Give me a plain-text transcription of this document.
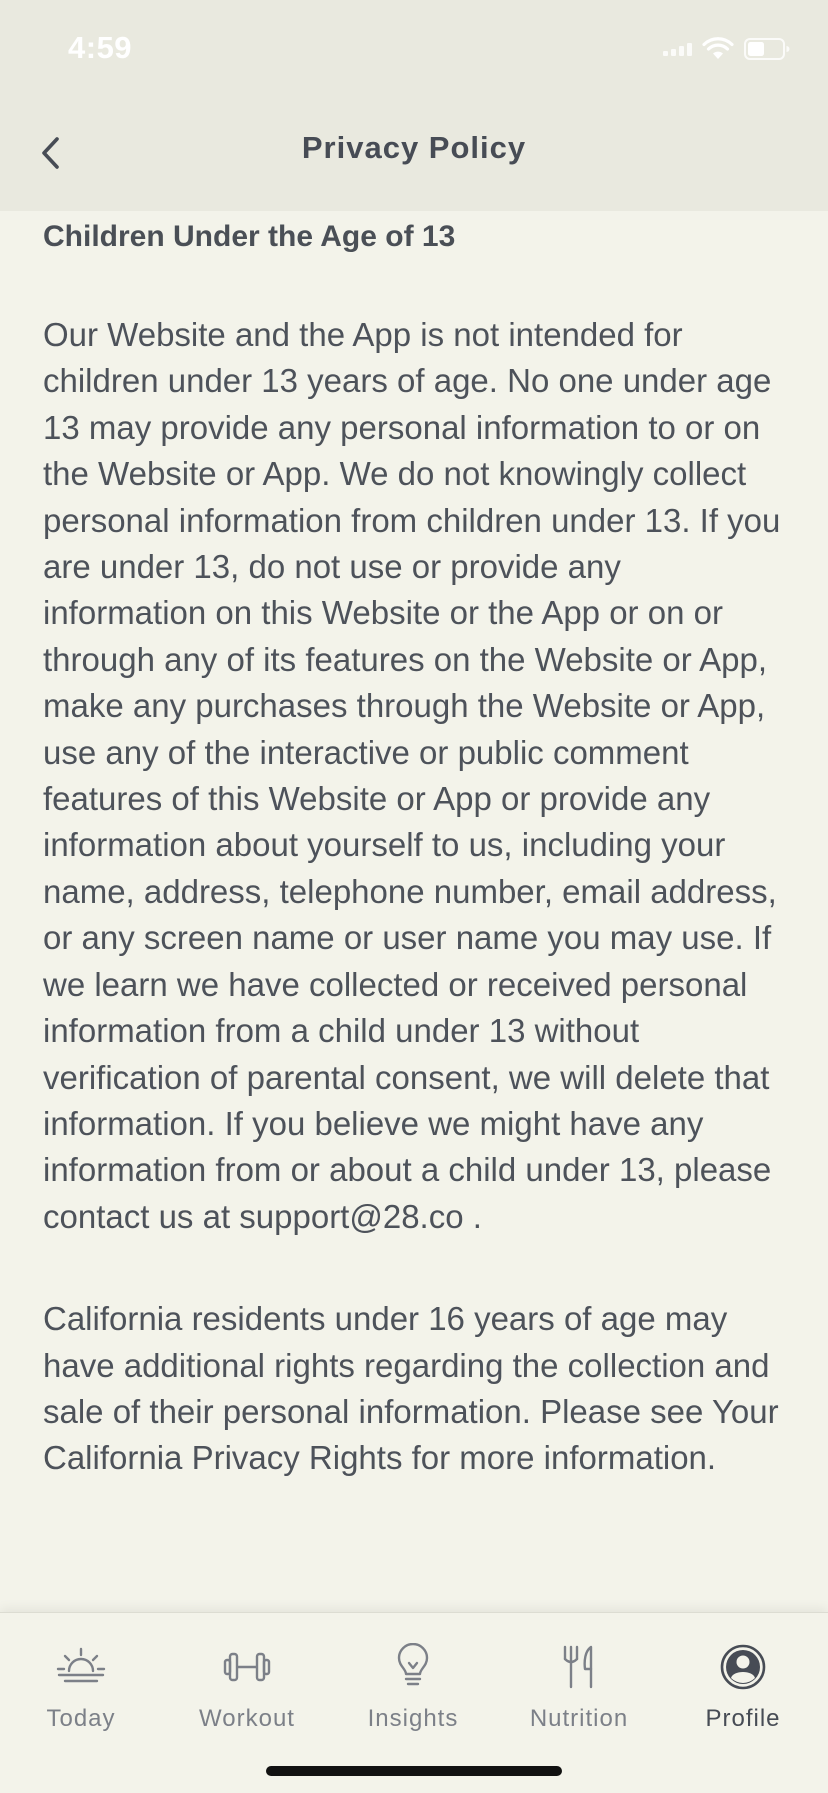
4:59
Privacy Policy
Children Under the Age of 13

Our Website and the App is not intended for children under 13 years of age. No one under age 13 may provide any personal information to or on the Website or App. We do not knowingly collect personal information from children under 13. If you are under 13, do not use or provide any information on this Website or the App or on or through any of its features on the Website or App, make any purchases through the Website or App, use any of the interactive or public comment features of this Website or App or provide any information about yourself to us, including your name, address, telephone number, email address, or any screen name or user name you may use. If we learn we have collected or received personal information from a child under 13 without verification of parental consent, we will delete that information. If you believe we might have any information from or about a child under 13, please contact us at support@28.co .

California residents under 16 years of age may have additional rights regarding the collection and sale of their personal information. Please see Your California Privacy Rights for more information.

Today	Workout	Insights	Nutrition	Profile
